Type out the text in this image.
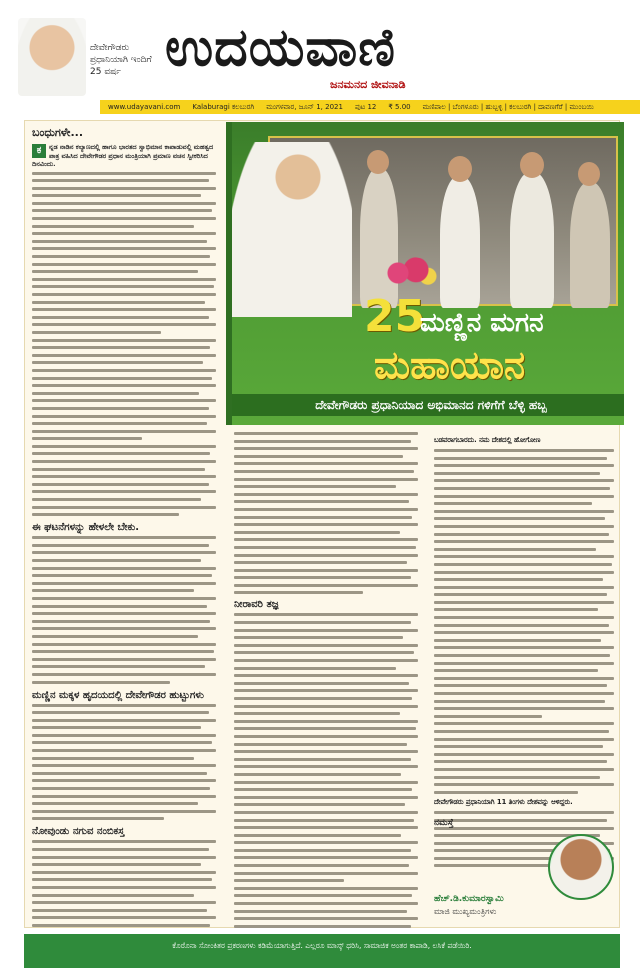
ದೇವೇಗೌಡರು ಪ್ರಧಾನಿಯಾಗಿ ಇಂದಿಗೆ 25 ವರ್ಷ ಉದಯವಾಣಿ
ಜನಮನದ ಜೀವನಾಡಿ
www.udayavani.com Kalaburagi ಕಲಬುರಗಿ ಮಂಗಳವಾರ, ಜೂನ್ 1, 2021 ಪುಟ 12 ₹ 5.00 ಮಣಿಪಾಲ | ಬೆಂಗಳೂರು | ಹುಬ್ಬಳ್ಳಿ | ಕಲಬುರಗಿ | ದಾವಣಗೆರೆ | ಮುಂಬಯಿ
ಬಂಧುಗಳೇ...
ಕ	ನ್ನಡ ನಾಡಿನ ಕಲ್ಯಾಣದಲ್ಲಿ ಹಾಗೂ ಭಾರತದ ಸ್ವಾಭಿಮಾನ ಕಾಪಾಡುವಲ್ಲಿ ಮಹತ್ವದ ಪಾತ್ರ ವಹಿಸಿದ ದೇವೇಗೌಡರ ಪ್ರಧಾನ ಮಂತ್ರಿಯಾಗಿ ಪ್ರಮಾಣ ವಚನ ಸ್ವೀಕರಿಸಿದ ದಿನವಿಂದು.
ಈ ಘಟನೆಗಳನ್ನು ಹೇಳಲೇ ಬೇಕು.
ಮಣ್ಣಿನ ಮಕ್ಕಳ ಹೃದಯದಲ್ಲಿ ದೇವೇಗೌಡರ ಹುಟ್ಟುಗಳು
ನೋವುಂಡು ನಗುವ ನಂಬಿಕಸ್ತ
25
ಮಣ್ಣಿನ ಮಗನ
ಮಹಾಯಾನ
ದೇವೇಗೌಡರು ಪ್ರಧಾನಿಯಾದ ಅಭಿಮಾನದ ಗಳಿಗೆಗೆ ಬೆಳ್ಳಿ ಹಬ್ಬ
ನೀರಾವರಿ ತಜ್ಞ
ಬಡವರಾಗಬಾರದು. ನಮ ದೇಶದಲ್ಲಿ ಹೋಗೋಣ
ದೇವೇಗೌಡರು ಪ್ರಧಾನಿಯಾಗಿ 11 ತಿಂಗಳು ದೇಶವನ್ನು ಆಳಿದ್ದರು.
ನಮಸ್ತೆ
ಹೆಚ್.ಡಿ.ಕುಮಾರಸ್ವಾಮಿ
ಮಾಜಿ ಮುಖ್ಯಮಂತ್ರಿಗಳು
ಕೊರೊನಾ ಸೋಂಕಿತರ ಪ್ರಕರಣಗಳು ಕಡಿಮೆಯಾಗುತ್ತಿದೆ. ಎಲ್ಲರೂ ಮಾಸ್ಕ್ ಧರಿಸಿ, ಸಾಮಾಜಿಕ ಅಂತರ ಕಾಪಾಡಿ, ಲಸಿಕೆ ಪಡೆಯಿರಿ.
